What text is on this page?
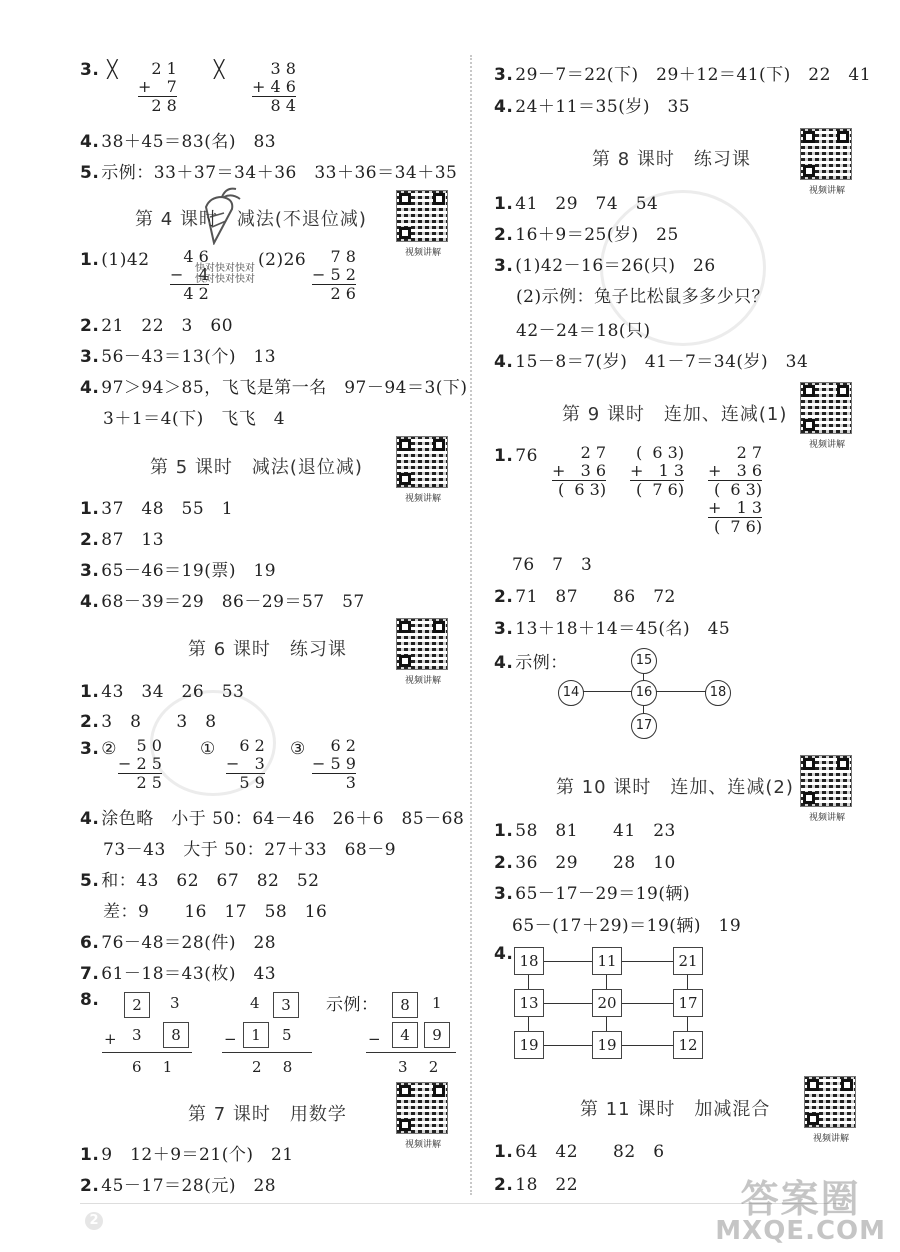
3. ╳	2 1
+   7
2 8
╳	3 8
+ 4 6
8 4
4. 38＋45＝83(名)　83
5. 示例：33＋37＝34＋36　33＋36＝34＋35
第 4 课时　减法(不退位减)
视频讲解
1. (1)42	4 6
−   4
4 2
快对快对快对
快对快对快对
(2)26	7 8
− 5 2
2 6
2. 21　22　3　60
3. 56－43＝13(个)　13
4. 97＞94＞85，飞飞是第一名　97－94＝3(下)
3＋1＝4(下)　飞飞　4
第 5 课时　减法(退位减)
视频讲解
1. 37　48　55　1
2. 87　13
3. 65－46＝19(票)　19
4. 68－39＝29　86－29＝57　57
第 6 课时　练习课
视频讲解
1. 43　34　26　53
2. 3　8　　3　8
3. ②	5 0
− 2 5
2 5
①	6 2
−   3
5 9
③	6 2
− 5 9
3
4. 涂色略　小于 50：64－46　26＋6　85－68
73－43　大于 50：27＋33　68－9
5. 和：43　62　67　82　52
差：9　　16　17　58　16
6. 76－48＝28(件)　28
7. 61－18＝43(枚)　43
8.	2	3
+ 3	8
6　 1
4	3
− 1	5
2　 8
示例：	8	1
−	4	9
3　 2
第 7 课时　用数学
视频讲解
1. 9　12＋9＝21(个)　21
2. 45－17＝28(元)　28
3. 29－7＝22(下)　29＋12＝41(下)　22　41
4. 24＋11＝35(岁)　35
第 8 课时　练习课
视频讲解
1. 41　29　74　54
2. 16＋9＝25(岁)　25
3. (1)42－16＝26(只)　26
(2)示例：兔子比松鼠多多少只？
42－24＝18(只)
4. 15－8＝7(岁)　41－7＝34(岁)　34
第 9 课时　连加、连减(1)
视频讲解
1. 76	2 7
+   3 6
(  6 3)
(  6 3)
+   1 3
(  7 6)
2 7
+   3 6
(  6 3)
+   1 3
(  7 6)
76　7　3
2. 71　87　　86　72
3. 13＋18＋14＝45(名)　45
4. 示例：	15
14	16	18
17
第 10 课时　连加、连减(2)
视频讲解
1. 58　81　　41　23
2. 36　29　　28　10
3. 65－17－29＝19(辆)
65－(17＋29)＝19(辆)　19
4. 18	11	21
13	20	17
19	19	12
第 11 课时　加减混合
视频讲解
1. 64　42　　82　6
2. 18　22
2	答案圈
MXQE.COM
